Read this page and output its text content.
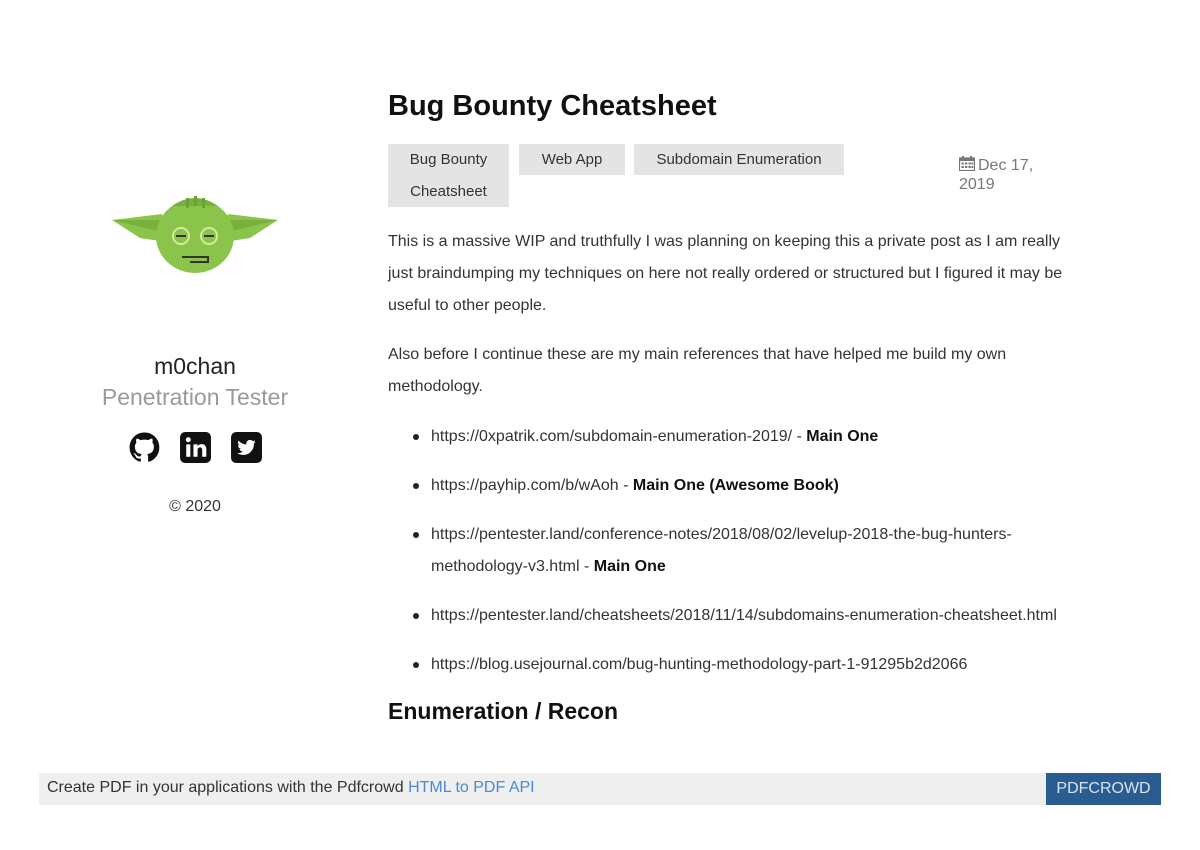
m0chan
Penetration Tester
© 2020
Bug Bounty Cheatsheet
Bug Bounty Cheatsheet
Web App	Subdomain Enumeration	Dec 17, 2019

This is a massive WIP and truthfully I was planning on keeping this a private post as I am really just braindumping my techniques on here not really ordered or structured but I figured it may be useful to other people.

Also before I continue these are my main references that have helped me build my own methodology.

https://0xpatrik.com/subdomain-enumeration-2019/ - Main One
https://payhip.com/b/wAoh - Main One (Awesome Book)
https://pentester.land/conference-notes/2018/08/02/levelup-2018-the-bug-hunters-methodology-v3.html - Main One
https://pentester.land/cheatsheets/2018/11/14/subdomains-enumeration-cheatsheet.html
https://blog.usejournal.com/bug-hunting-methodology-part-1-91295b2d2066
Enumeration / Recon
Create PDF in your applications with the Pdfcrowd HTML to PDF API	PDFCROWD
